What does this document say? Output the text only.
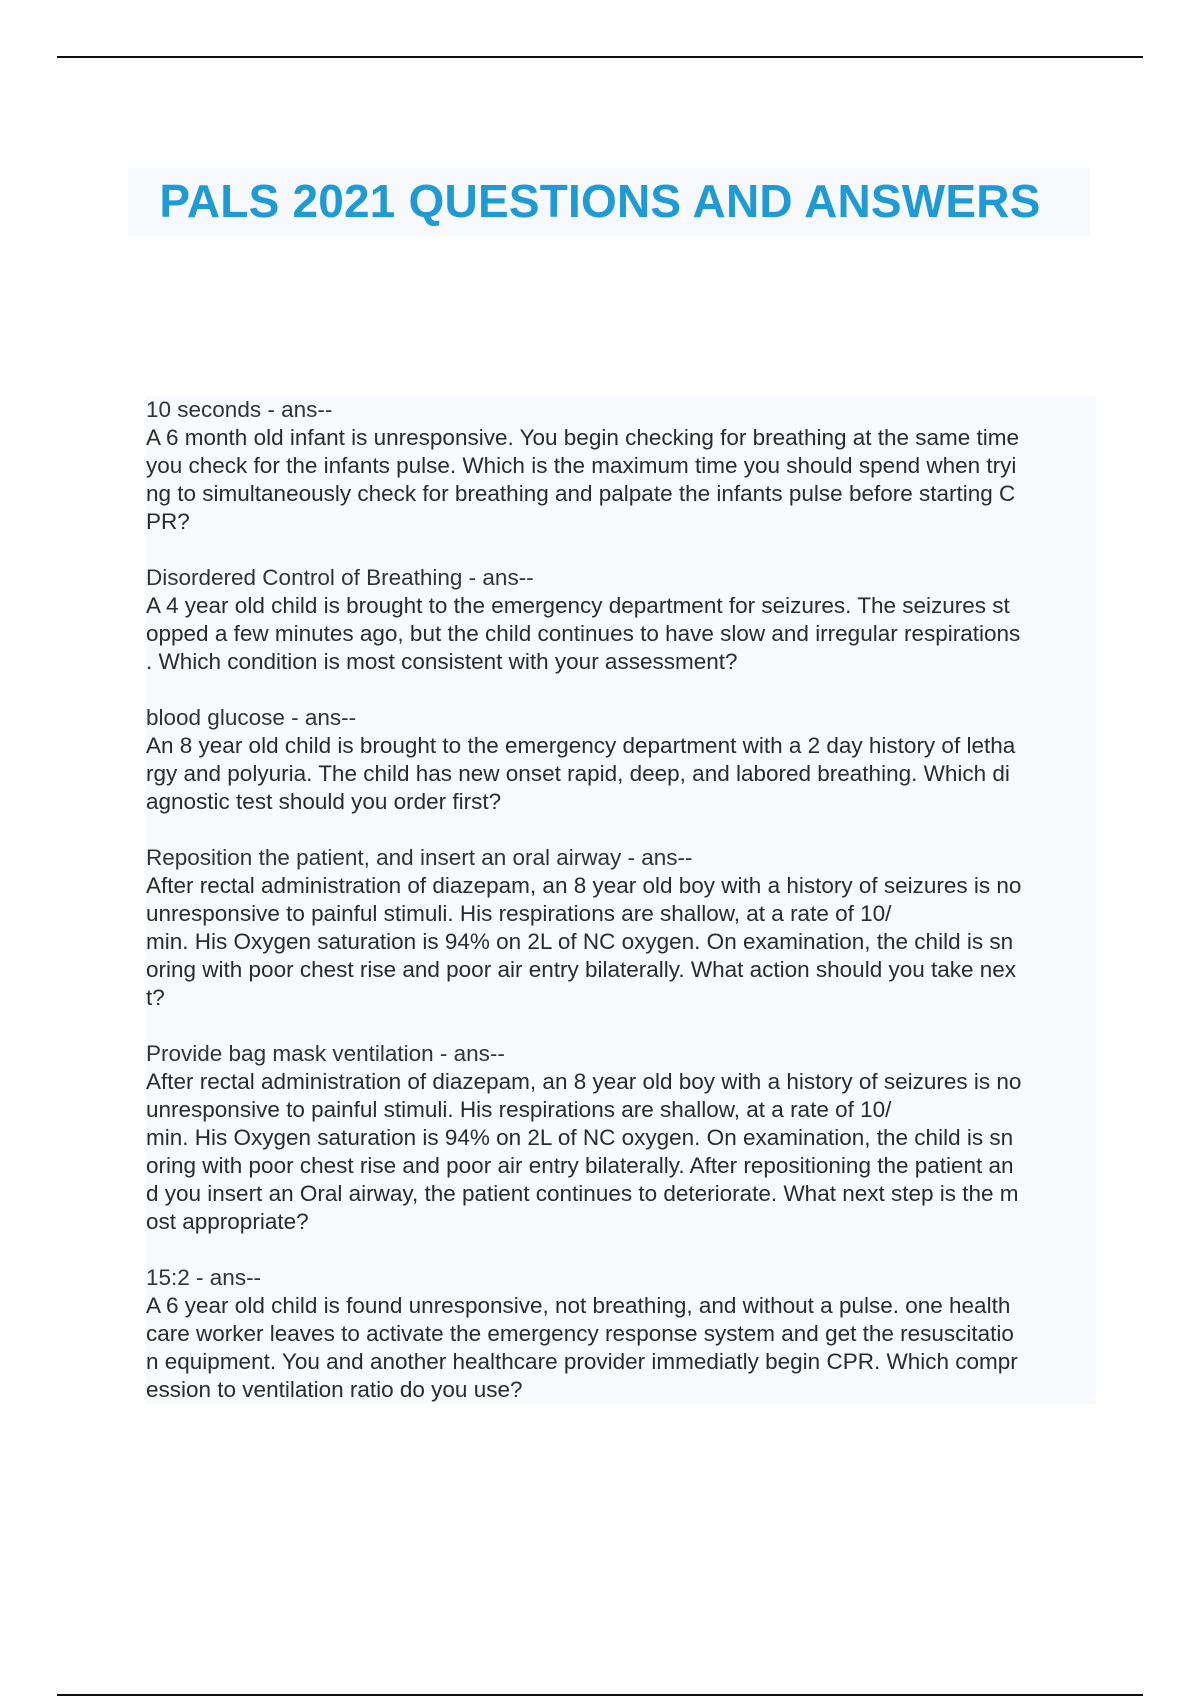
PALS 2021 QUESTIONS AND ANSWERS

10 seconds - ans--

A 6 month old infant is unresponsive. You begin checking for breathing at the same time
you check for the infants pulse. Which is the maximum time you should spend when tryi
ng to simultaneously check for breathing and palpate the infants pulse before starting C
PR?

Disordered Control of Breathing - ans--

A 4 year old child is brought to the emergency department for seizures. The seizures st
opped a few minutes ago, but the child continues to have slow and irregular respirations
. Which condition is most consistent with your assessment?

blood glucose - ans--

An 8 year old child is brought to the emergency department with a 2 day history of letha
rgy and polyuria. The child has new onset rapid, deep, and labored breathing. Which di
agnostic test should you order first?

Reposition the patient, and insert an oral airway - ans--

After rectal administration of diazepam, an 8 year old boy with a history of seizures is no
unresponsive to painful stimuli. His respirations are shallow, at a rate of 10/
min. His Oxygen saturation is 94% on 2L of NC oxygen. On examination, the child is sn
oring with poor chest rise and poor air entry bilaterally. What action should you take nex
t?

Provide bag mask ventilation - ans--

After rectal administration of diazepam, an 8 year old boy with a history of seizures is no
unresponsive to painful stimuli. His respirations are shallow, at a rate of 10/
min. His Oxygen saturation is 94% on 2L of NC oxygen. On examination, the child is sn
oring with poor chest rise and poor air entry bilaterally. After repositioning the patient an
d you insert an Oral airway, the patient continues to deteriorate. What next step is the m
ost appropriate?

15:2 - ans--

A 6 year old child is found unresponsive, not breathing, and without a pulse. one health
care worker leaves to activate the emergency response system and get the resuscitatio
n equipment. You and another healthcare provider immediatly begin CPR. Which compr
ession to ventilation ratio do you use?
